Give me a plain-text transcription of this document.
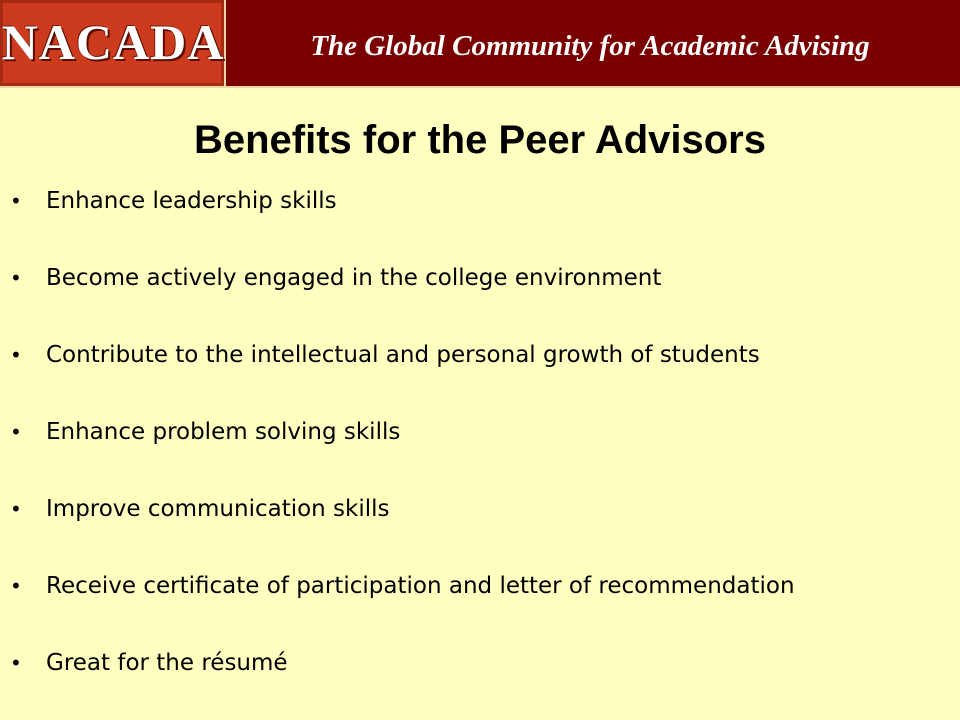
NACADA	The Global Community for Academic Advising
Benefits for the Peer Advisors
• Enhance leadership skills
• Become actively engaged in the college environment
• Contribute to the intellectual and personal growth of students
• Enhance problem solving skills
• Improve communication skills
• Receive certificate of participation and letter of recommendation
• Great for the résumé
